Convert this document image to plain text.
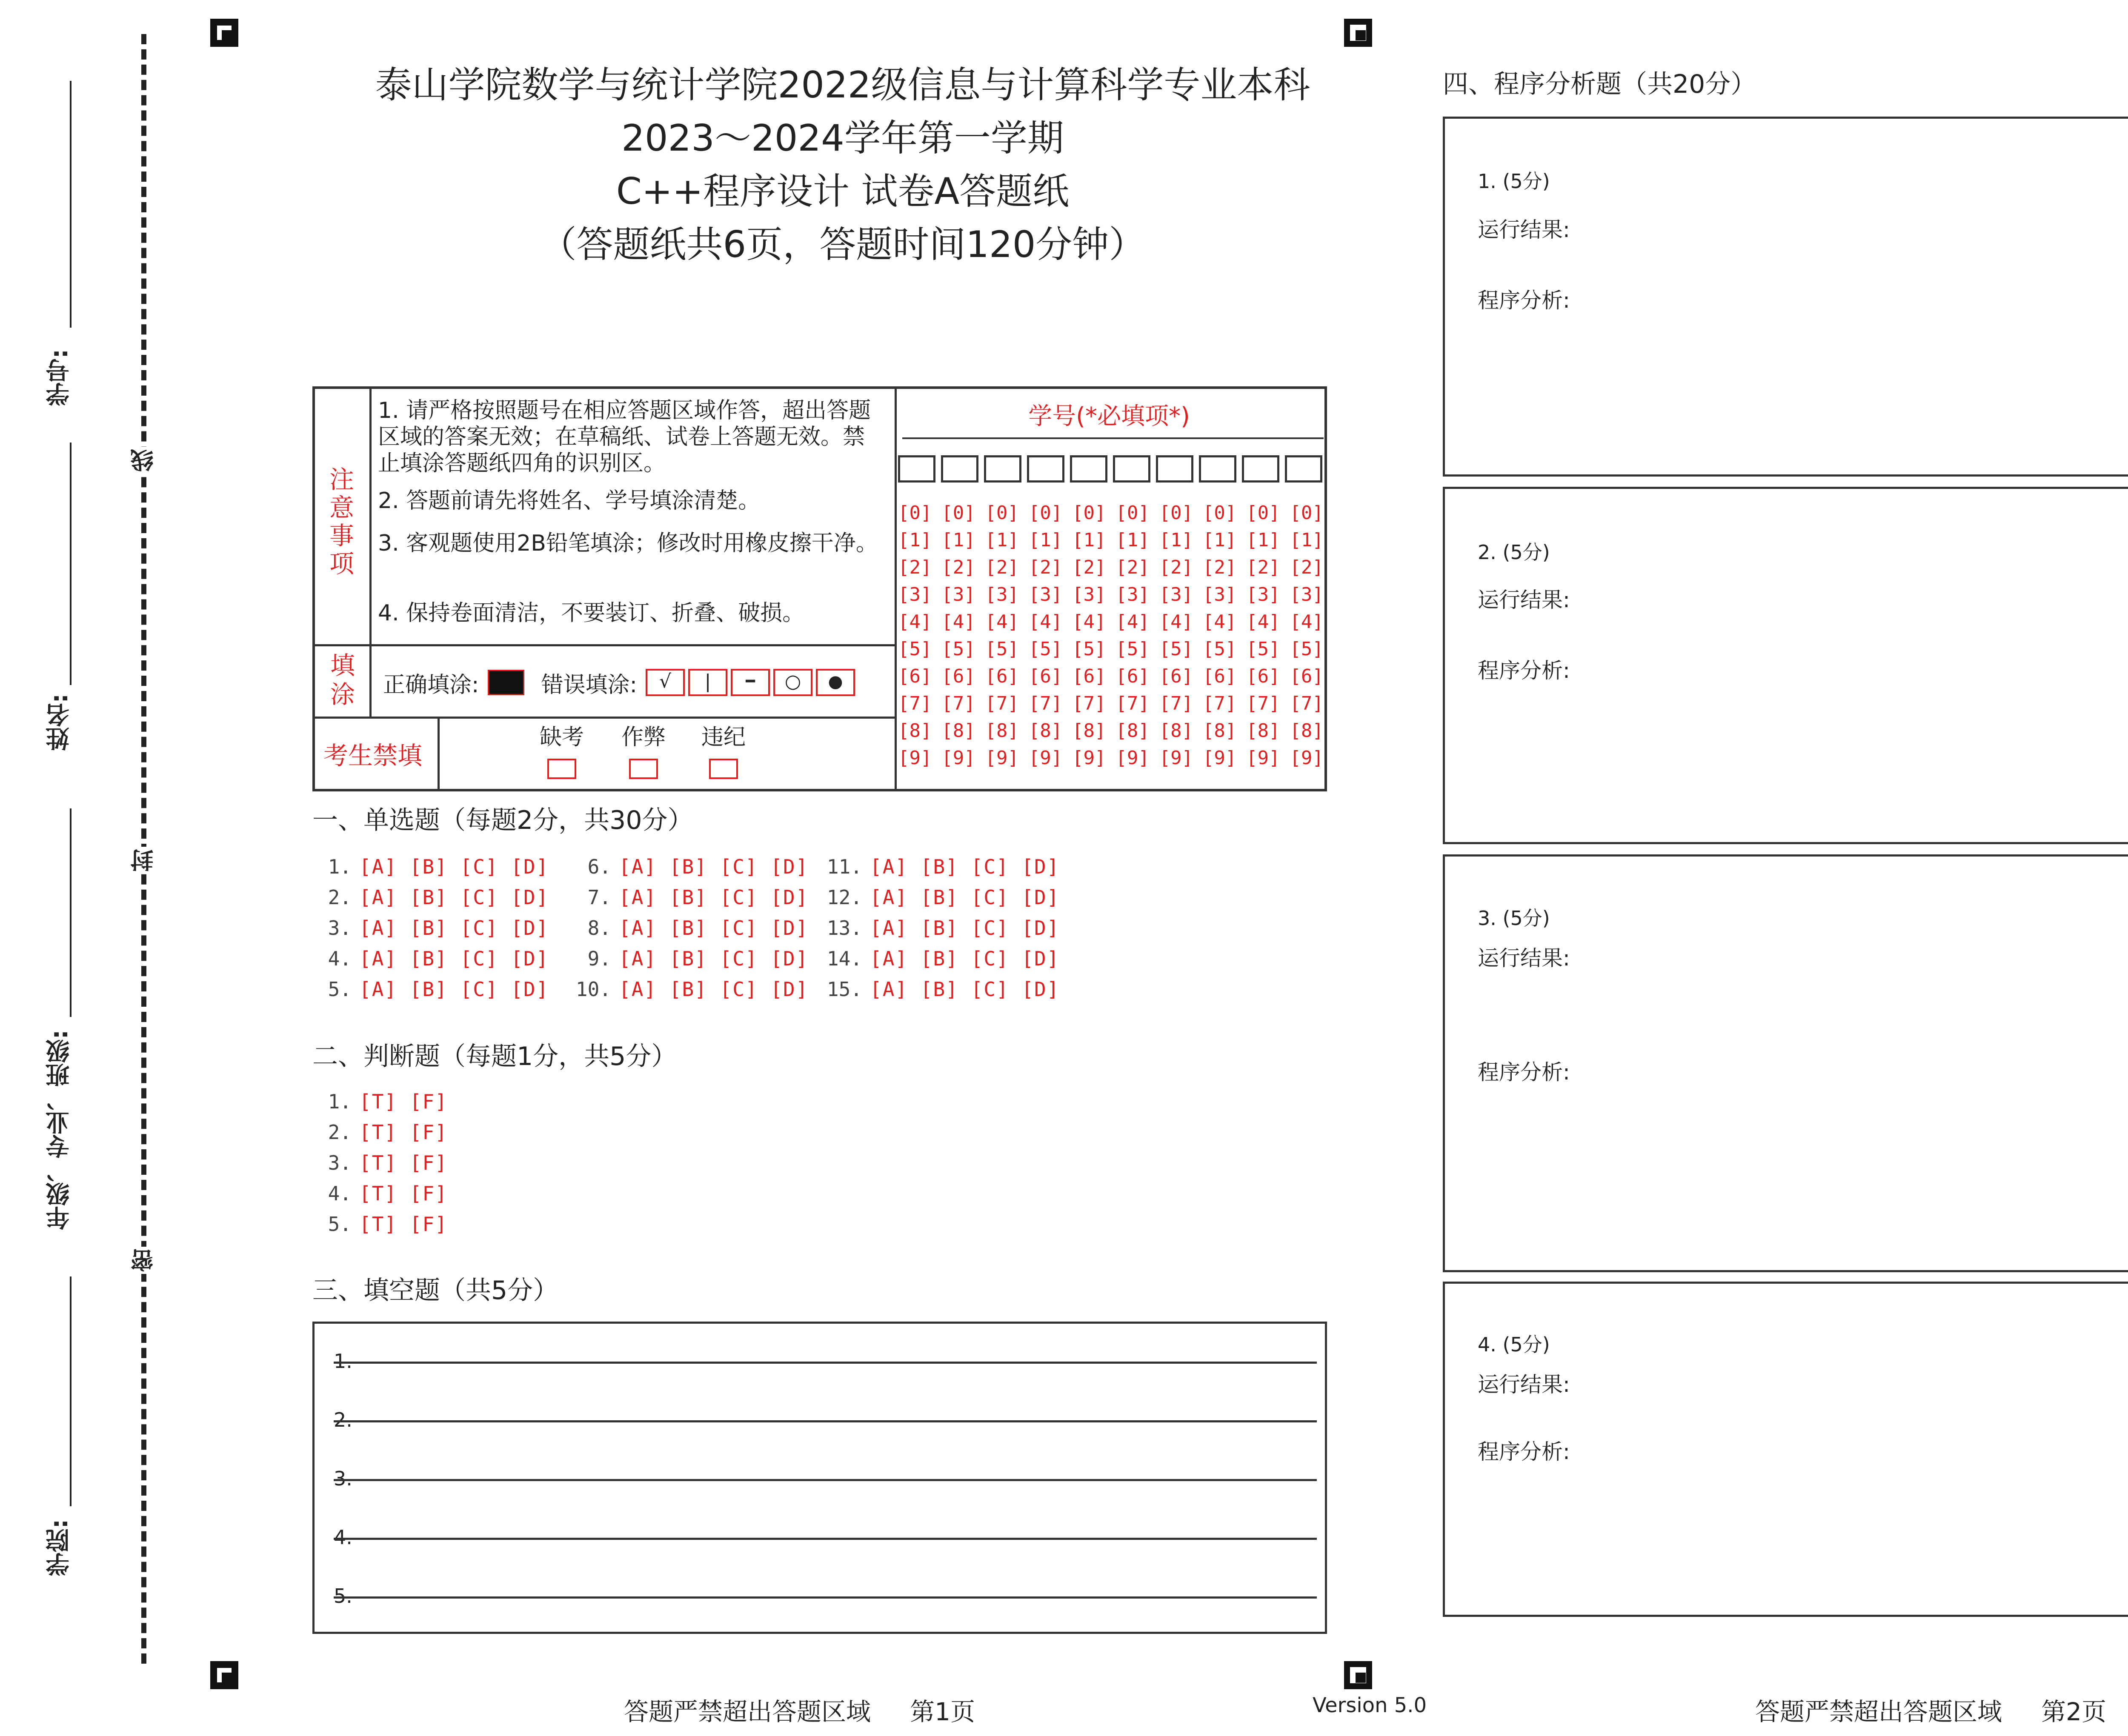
线
封
密
学号:
姓名:
年级、专业、班级:
学院:
泰山学院数学与统计学院2022级信息与计算科学专业本科
2023～2024学年第一学期
C++程序设计 试卷A答题纸
（答题纸共6页，答题时间120分钟）
注意事项
1. 请严格按照题号在相应答题区域作答，超出答题区域的答案无效；在草稿纸、试卷上答题无效。禁止填涂答题纸四角的识别区。
2. 答题前请先将姓名、学号填涂清楚。
3. 客观题使用2B铅笔填涂；修改时用橡皮擦干净。
4. 保持卷面清洁，不要装订、折叠、破损。
填涂 正确填涂:	错误填涂:	√	|	━	○	●
考生禁填
缺考 作弊 违纪
学号(*必填项*)
[0] [0] [0] [0] [0] [0] [0] [0] [0] [0]
[1] [1] [1] [1] [1] [1] [1] [1] [1] [1]
[2] [2] [2] [2] [2] [2] [2] [2] [2] [2]
[3] [3] [3] [3] [3] [3] [3] [3] [3] [3]
[4] [4] [4] [4] [4] [4] [4] [4] [4] [4]
[5] [5] [5] [5] [5] [5] [5] [5] [5] [5]
[6] [6] [6] [6] [6] [6] [6] [6] [6] [6]
[7] [7] [7] [7] [7] [7] [7] [7] [7] [7]
[8] [8] [8] [8] [8] [8] [8] [8] [8] [8]
[9] [9] [9] [9] [9] [9] [9] [9] [9] [9]
一、单选题（每题2分，共30分）
1. [A] [B] [C] [D]
2. [A] [B] [C] [D]
3. [A] [B] [C] [D]
4. [A] [B] [C] [D]
5. [A] [B] [C] [D]
6. [A] [B] [C] [D]
7. [A] [B] [C] [D]
8. [A] [B] [C] [D]
9. [A] [B] [C] [D]
10. [A] [B] [C] [D]
11. [A] [B] [C] [D]
12. [A] [B] [C] [D]
13. [A] [B] [C] [D]
14. [A] [B] [C] [D]
15. [A] [B] [C] [D]
二、判断题（每题1分，共5分）
1. [T] [F]
2. [T] [F]
3. [T] [F]
4. [T] [F]
5. [T] [F]
三、填空题（共5分）
1.
2.
3.
4.
5.
四、程序分析题（共20分）
1. (5分)
运行结果:
程序分析:
2. (5分)
运行结果:
程序分析:
3. (5分)
运行结果:
程序分析:
4. (5分)
运行结果:
程序分析:
答题严禁超出答题区域     第1页	Version 5.0	答题严禁超出答题区域     第2页
